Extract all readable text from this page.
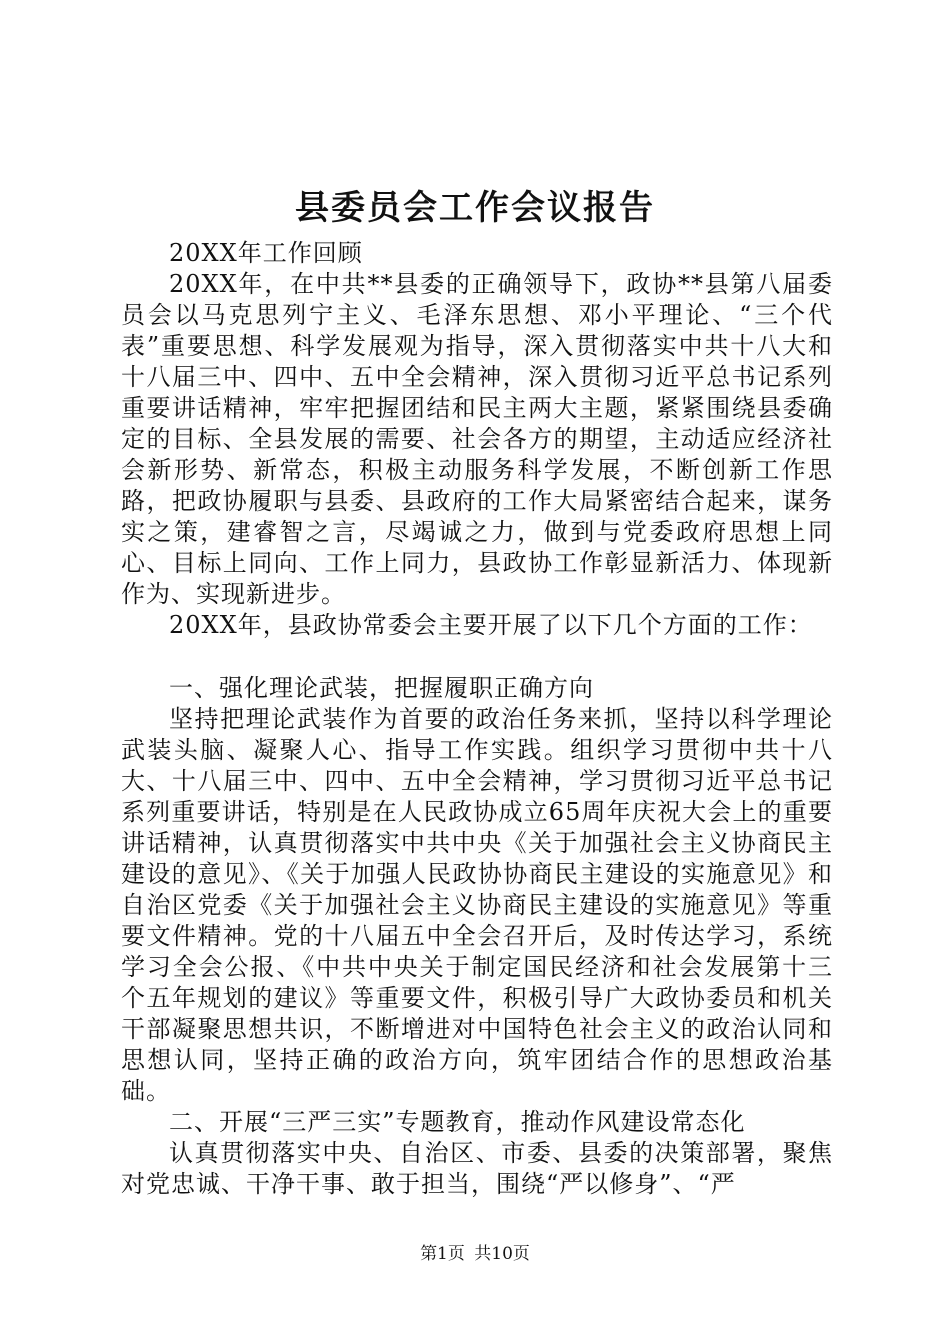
县委员会工作会议报告

20XX年工作回顾

20XX年，在中共**县委的正确领导下，政协**县第八届委员会以马克思列宁主义、毛泽东思想、邓小平理论、“三个代表”重要思想、科学发展观为指导，深入贯彻落实中共十八大和十八届三中、四中、五中全会精神，深入贯彻习近平总书记系列重要讲话精神，牢牢把握团结和民主两大主题，紧紧围绕县委确定的目标、全县发展的需要、社会各方的期望，主动适应经济社会新形势、新常态，积极主动服务科学发展，不断创新工作思路，把政协履职与县委、县政府的工作大局紧密结合起来，谋务实之策，建睿智之言，尽竭诚之力，做到与党委政府思想上同心、目标上同向、工作上同力，县政协工作彰显新活力、体现新作为、实现新进步。

20XX年，县政协常委会主要开展了以下几个方面的工作：

一、强化理论武装，把握履职正确方向

坚持把理论武装作为首要的政治任务来抓，坚持以科学理论武装头脑、凝聚人心、指导工作实践。组织学习贯彻中共十八大、十八届三中、四中、五中全会精神，学习贯彻习近平总书记系列重要讲话，特别是在人民政协成立65周年庆祝大会上的重要讲话精神，认真贯彻落实中共中央《关于加强社会主义协商民主建设的意见》、《关于加强人民政协协商民主建设的实施意见》和自治区党委《关于加强社会主义协商民主建设的实施意见》等重要文件精神。党的十八届五中全会召开后，及时传达学习，系统学习全会公报、《中共中央关于制定国民经济和社会发展第十三个五年规划的建议》等重要文件，积极引导广大政协委员和机关干部凝聚思想共识，不断增进对中国特色社会主义的政治认同和思想认同，坚持正确的政治方向，筑牢团结合作的思想政治基础。

二、开展“三严三实”专题教育，推动作风建设常态化

认真贯彻落实中央、自治区、市委、县委的决策部署，聚焦对党忠诚、干净干事、敢于担当，围绕“严以修身”、“严

第1页 共10页
